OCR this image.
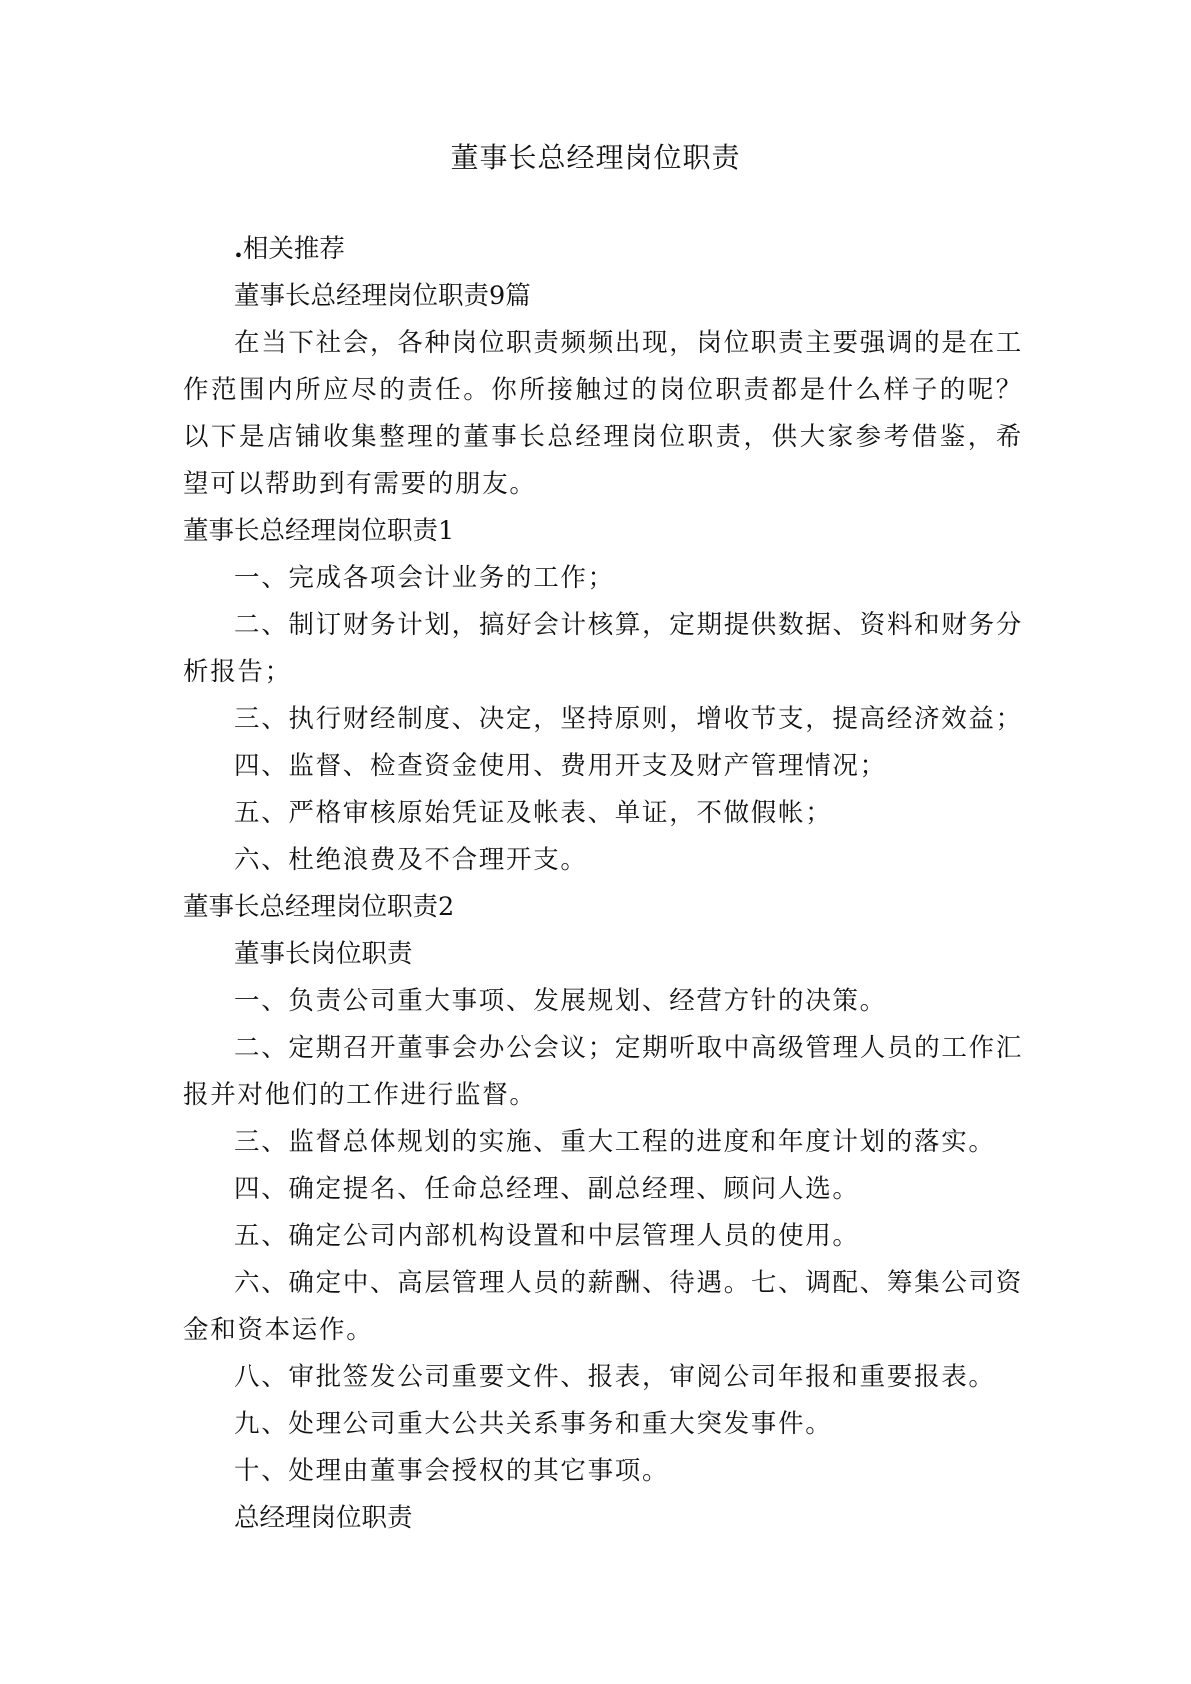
董事长总经理岗位职责

.相关推荐

董事长总经理岗位职责9篇

在当下社会，各种岗位职责频频出现，岗位职责主要强调的是在工作范围内所应尽的责任。你所接触过的岗位职责都是什么样子的呢？以下是店铺收集整理的董事长总经理岗位职责，供大家参考借鉴，希望可以帮助到有需要的朋友。

董事长总经理岗位职责1

一、完成各项会计业务的工作；

二、制订财务计划，搞好会计核算，定期提供数据、资料和财务分析报告；

三、执行财经制度、决定，坚持原则，增收节支，提高经济效益；

四、监督、检查资金使用、费用开支及财产管理情况；

五、严格审核原始凭证及帐表、单证，不做假帐；

六、杜绝浪费及不合理开支。

董事长总经理岗位职责2

董事长岗位职责

一、负责公司重大事项、发展规划、经营方针的决策。

二、定期召开董事会办公会议；定期听取中高级管理人员的工作汇报并对他们的工作进行监督。

三、监督总体规划的实施、重大工程的进度和年度计划的落实。

四、确定提名、任命总经理、副总经理、顾问人选。

五、确定公司内部机构设置和中层管理人员的使用。

六、确定中、高层管理人员的薪酬、待遇。七、调配、筹集公司资金和资本运作。

八、审批签发公司重要文件、报表，审阅公司年报和重要报表。

九、处理公司重大公共关系事务和重大突发事件。

十、处理由董事会授权的其它事项。

总经理岗位职责
